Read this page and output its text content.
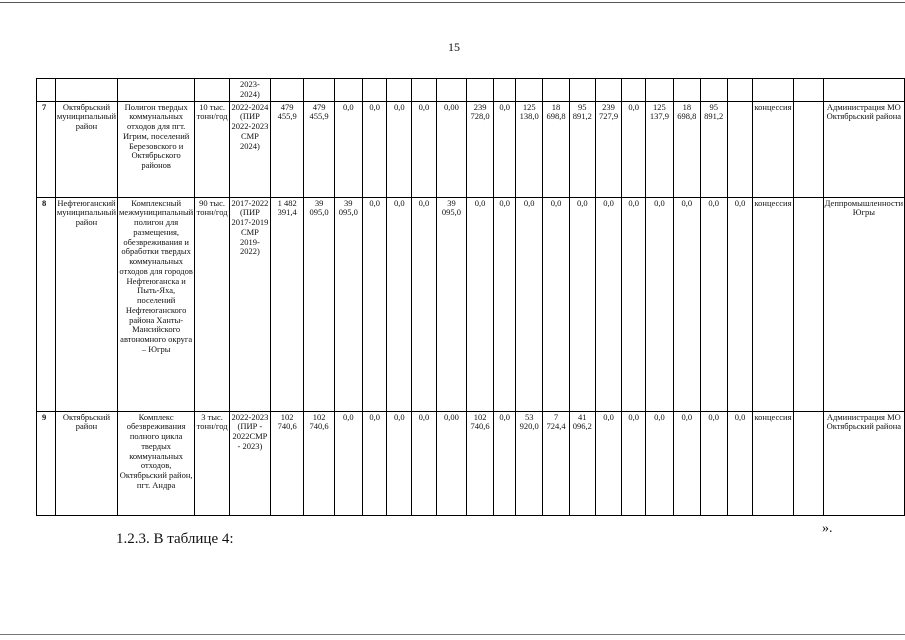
15
				2023-2024)																					
7	Октябрьский муниципальный район	Полигон твердых коммунальных отходов для пгт. Игрим, поселений Березовского и Октябрьского районов	10 тыс. тонн/год	2022-2024 (ПИР 2022-2023 СМР 2024)	479 455,9	479 455,9	0,0	0,0	0,0	0,0	0,00	239 728,0	0,0	125 138,0	18 698,8	95 891,2	239 727,9	0,0	125 137,9	18 698,8	95 891,2		концессия		Администрация МО Октябрьский района
8	Нефтеюганский муниципальный район	Комплексный межмуниципальный полигон для размещения, обезвреживания и обработки твердых коммунальных отходов для городов Нефтеюганска и Пыть-Яха, поселений Нефтеюганского района Ханты-Мансийского автономного округа – Югры	90 тыс. тонн/год	2017-2022 (ПИР 2017-2019 СМР 2019-2022)	1 482 391,4	39 095,0	39 095,0	0,0	0,0	0,0	39 095,0	0,0	0,0	0,0	0,0	0,0	0,0	0,0	0,0	0,0	0,0	0,0	концессия		Деппромышленности Югры
9	Октябрьский район	Комплекс обезвреживания полного цикла твердых коммунальных отходов, Октябрьский район, пгт. Андра	3 тыс. тонн/год	2022-2023 (ПИР - 2022СМР - 2023)	102 740,6	102 740,6	0,0	0,0	0,0	0,0	0,00	102 740,6	0,0	53 920,0	7 724,4	41 096,2	0,0	0,0	0,0	0,0	0,0	0,0	концессия		Администрация МО Октябрьский района
».
1.2.3. В таблице 4:
